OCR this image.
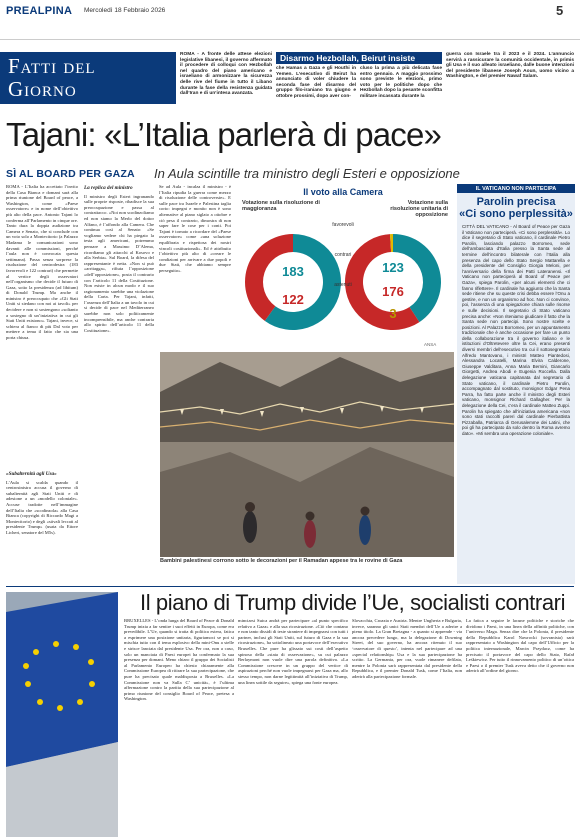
PREALPINA Mercoledì 18 Febbraio 2026	5
Fatti del
Giorno
ROMA - A fronte delle attese elezioni legislative libanesi, il governo affermato il procedere di colloqui con Hezbollah nel quadro del piano americano e israeliano di armonizzare la sicurezza delle rive del fiume in tutto il Libano durante la fase della resistenza guidata dall’Iran e di un’intesa avanzata.
Disarmo Hezbollah, Beirut insiste
che Hamas a Gaza e gli Houthi in Yemen. L’esecutivo di Beirut ha annunciato di voler chiudere la seconda fase del disarmo del gruppo filo-iraniano tra giugno e ottobre prossimi, dopo aver con-
cluso la prima a più delicata fase entro gennaio. A maggio prossimo sono previste le elezioni, primo voto per le politiche dopo che Hezbollah dopo la pesante sconfitta militare incassata durante la
guerra con Israele tra il 2023 e il 2024. L’annuncio servirà a rassicurare la comunità occidentale, in primis gli Usa e il suo alleato israeliano, dalle buone intenzioni del presidente libanese Joseph Aoun, uomo vicino a Washington, e del premier Nawaf Salam.
Tajani: «L’Italia parlerà di pace»
SÌ AL BOARD PER GAZA In Aula scintille tra ministro degli Esteri e opposizione
ROMA - L’Italia ha accettato l’invito della Casa Bianca e domani sarà alla prima riunione del Board of peace, a Washington, come «Paese osservatore» e in nome dell’obiettivo più alto della pace. Antonio Tajani lo conferma all’Parlamento in cinque ore. Tanto dura la doppia audizione tra Camera e Senato, che si conclude con un voto solo a Montecitorio (a Palazzo Madama le comunicazioni sono davanti alle commissioni, perché l’aula non è convocata questa settimana). Passa senza sorprese la risoluzione del centrodestra (183 favorevoli e 122 contrari) che permette al vertice degli osservatori nell’organismo che decide il futuro di Gaza, sotto la presidenza (ad libitum) di Donald Trump. Ma anche il ministro è preoccupato che «Gli Stati Uniti si siedano con noi ai tavoli» per decidere e non si sostengono «soltanto a sostegno di un’iniziativa in cui gli Stati Uniti esistono». Tajani, invece, si schiera al fianco di più Dal voto per mettere a tema il fatto che sia una porta chiusa.
«Subalternità agli Usa»
L’Aula si scalda quando il centrosinistra accusa il governo di subalternità agli Stati Uniti e di adesione a un «modello coloniale». Accuse tradotte nell’immagine dell’Italia che «scodinzola» alla Casa Bianca (copyright di Riccardo Magi a Montecitorio) e degli «stivali leccati al presidente Trump» (usata da Ettore Licheri, senatore del M5s).
La replica del ministro
Il ministro degli Esteri ingranando sulle proprie risposte, ribadisce la sua preoccupazione e passa al contrattacco. «Noi non scodinzoliamo ed non siamo la Merlo del dottor Alfano, è l’affondo alla Camera. Che continua così al Senato: «Se vogliamo vedere chi ha piegato la testa agli americani, potremmo pensare a Massimo D’Alema, ricordiamo gli attacchi al Kosovo e alla Serbia». Sul Board, la difesa del rappresentante è netta. «Non si può «arritagga», rifiuta l’opposizione «dell’opposizione», posta il contrario con l’articolo 11 della Costituzione. Non esiste in alcun modo e il suo ragionamento sarebbe una violazione della Carta. Per Tajani, infatti, l’assenza dell’Italia a un tavolo in cui si decide di pace nel Mediterraneo sarebbe non solo politicamente incomprensibile, ma anche contraria allo spirito dell’articolo 11 della Costituzione».
Se ad Aula - incalza il ministro - è l’Italia ripudia la guerra come mezzo di risoluzione delle controversie». E sulle pace tra Israele e Palestina taglia corto: impegni e monito non è sono alternative al piano siglato a ottobre e ciò pesa il contrario, dimostra di non saper fare le cose per i conti. Poi Tajani è tornato a ricordare del «Paese osservatore» come «una soluzione equilibrata e rispettosa dei nostri vincoli costituzionali». Ed è attribuito l’obiettivo più alto di «creare le condizioni per arrivare a due popoli e due Stati, che abbiamo sempre perseguito».
Il voto alla Camera
Votazione sulla risoluzione di maggioranza
Votazione sulla risoluzione unitaria di opposizione
183
122
123
176
3
favorevoli
contrari
astenuti
ANSA
Bambini palestinesi corrono sotto le decorazioni per il Ramadan appese tra le rovine di Gaza
IL VATICANO NON PARTECIPA
Parolin precisa
«Ci sono perplessità»
CITTÀ DEL VATICANO - Al Board of Peace per Gaza il Vaticano non parteciperà. «Ci sono perplessità». Lo dice il segretario di Stato vaticano, il cardinale Pietro Parolin, lasciando palazzo Borromeo, sede dell’ambasciata d’Italia presso la Santa sede al termine dell’incontro bilaterale con l’Italia alla presenza del capo dello Stato Sergio Mattarella e della presidente del Consiglio Giorgia Meloni, per l’anniversario della firma dei Patti Lateranensi. «Il Vaticano non parteciperà al Board of Peace per Gaza», spiega Parolin, «per alcuni elementi che ci fanno riflettere». Il cardinale ha aggiunto che la Santa sede ritiene che su queste crisi debba essere l’Onu a gestire, e non un organismo ad hoc. Non ci convince, poi, l’assenza di una spiegazione chiara sulle risorse e sulle decisioni. Il segretario di Stato vaticano precisa anche: «Non riteniamo giudicare il fatto che la Santa sede non partecipi. Sono nostre scelte e posizioni. Al Palazzo Borromeo, per un appuntamento tradizionale che è anche occasione per fare un punto della collaborazione tra il governo italiano e le istituzioni d’Oltretevere oltre la Cei, erano presenti diversi membri dell’esecutivo tra cui il sottosegretario Alfredo Mantovano, i ministri Matteo Piantedosi, Alessandra Locatelli, Marina Elvira Calderone, Giuseppe Valditara, Anna Maria Bernini, Giancarlo Giorgetti, Andrea Abodi e Eugenia Roccella. Dalla delegazione vaticana capitanata dal segretario di Stato vaticano, il cardinale Pietro Parolin, accompagnato dal sostituto, monsignor Edgar Pena Parra, ha fatto parte anche il ministro degli Esteri vaticano, monsignor Richard Gallagher. Per la delegazione della Cei, c’era il cardinale Matteo Zuppi. Parolin ha spiegato che all’iniziativa americana «non sono stati raccolti pareri dal cardinale Pierbattista Pizzaballa, Patriarca di Gerusalemme dei Latini, che poi gli ha partecipato da solo dentro la Roma avremo dato». «Mi sembra una operazione coloniale».
Il piano di Trump divide l’Ue, socialisti contrari
BRUXELLES - L’onda lunga del Board of Peace di Donald Trump inizia a far sentire i suoi effetti in Europa, come era prevedibile. L’Ue, quando si tratta di politica estera, fatica a esprimere una posizione unitaria, figuriamoci se poi si mischia tutto con il tema esplosivo della mini-Onu a stelle e strisce lanciata dal presidente Usa. Per ora, non a caso, solo un manciata di Paesi europei ha confermato la sua presenza per domani. Meno chiaro il gruppo dei Socialisti al Parlamento Europeo ha chiesto chiaramente alla Commissione Europea di ritirare la sua partecipazione, che pure ha precisato quale maldisposta a Bruxelles. «La Commissione non va Sulla C’ unicità», è l’ultima affermazione contro la partita della sua partecipazione al primo riunione del consiglio Board of Peace, pretesa a Washington.
minciarsi Suica andrà per partecipare «al punto specifico relativo a Gaza» e alla sua ricostruzione. «Ciò che contano e non tanto dissidi di teste straniere di impegnarsi con tutti i partner, inclusi gli Stati Uniti, sul futuro di Gaza e la sua ricostruzione», ha sottolineato una portavoce dell’esecutivo Bruxelles. Che pure ha glissato sui costi dell’aspetto spinoso della «stata di osservazione», su cui palazzo Berlaymont non vuole dire una parola definitiva. «La Commissione crescere in un gruppo del vertice di aspirazioni perché non vuole impegnarsi per Gaza ma, allo stesso tempo, non darne legittimità all’iniziativa di Trump, una linea sottile da seguire», spiega una fonte europea.
Slovacchia, Croazia e Austria. Mentre Ungheria e Bulgaria, invece, saranno gli unici Stati membri dell’Ue a aderire a pieno titolo. La Gran Bretagna - a quanto si apprende - via ancora precedere lungo, ma la delegazione di Downing Street, del suo governo, ha ancora ritenuto il suo ‘osservatore di questo’, intenta nel partecipare ad una «special relationship» Usa e la sua partecipazione ha scritto. La Germania, per ora, vuole rimanere defilata, mentre la Polonia sarà rappresentata dal presidente della Repubblica, e il premier Donald Tusk, come l’Italia, non aderirà alla partecipazione formale.
La fatica a seguire le lacune politiche e storiche che dividono i Paesi, in una linea della affinità politiche, con l’universo Maga. Senza dire che la Polonia, il presidente della Repubblica Karol Nawrocki (sovranista) sarà rappresentato a Washington dal capo dell’Ufficio per la politica internazionale, Marcin Przydacz, come ha precisato il portavoce del capo dello Stato, Rafał Leśkiewicz. Per tutto il rinnovamento politico di un’ottica e Paesi o il premier Tusk aveva detto che il governo non aderirà all’ordine del giorno.
